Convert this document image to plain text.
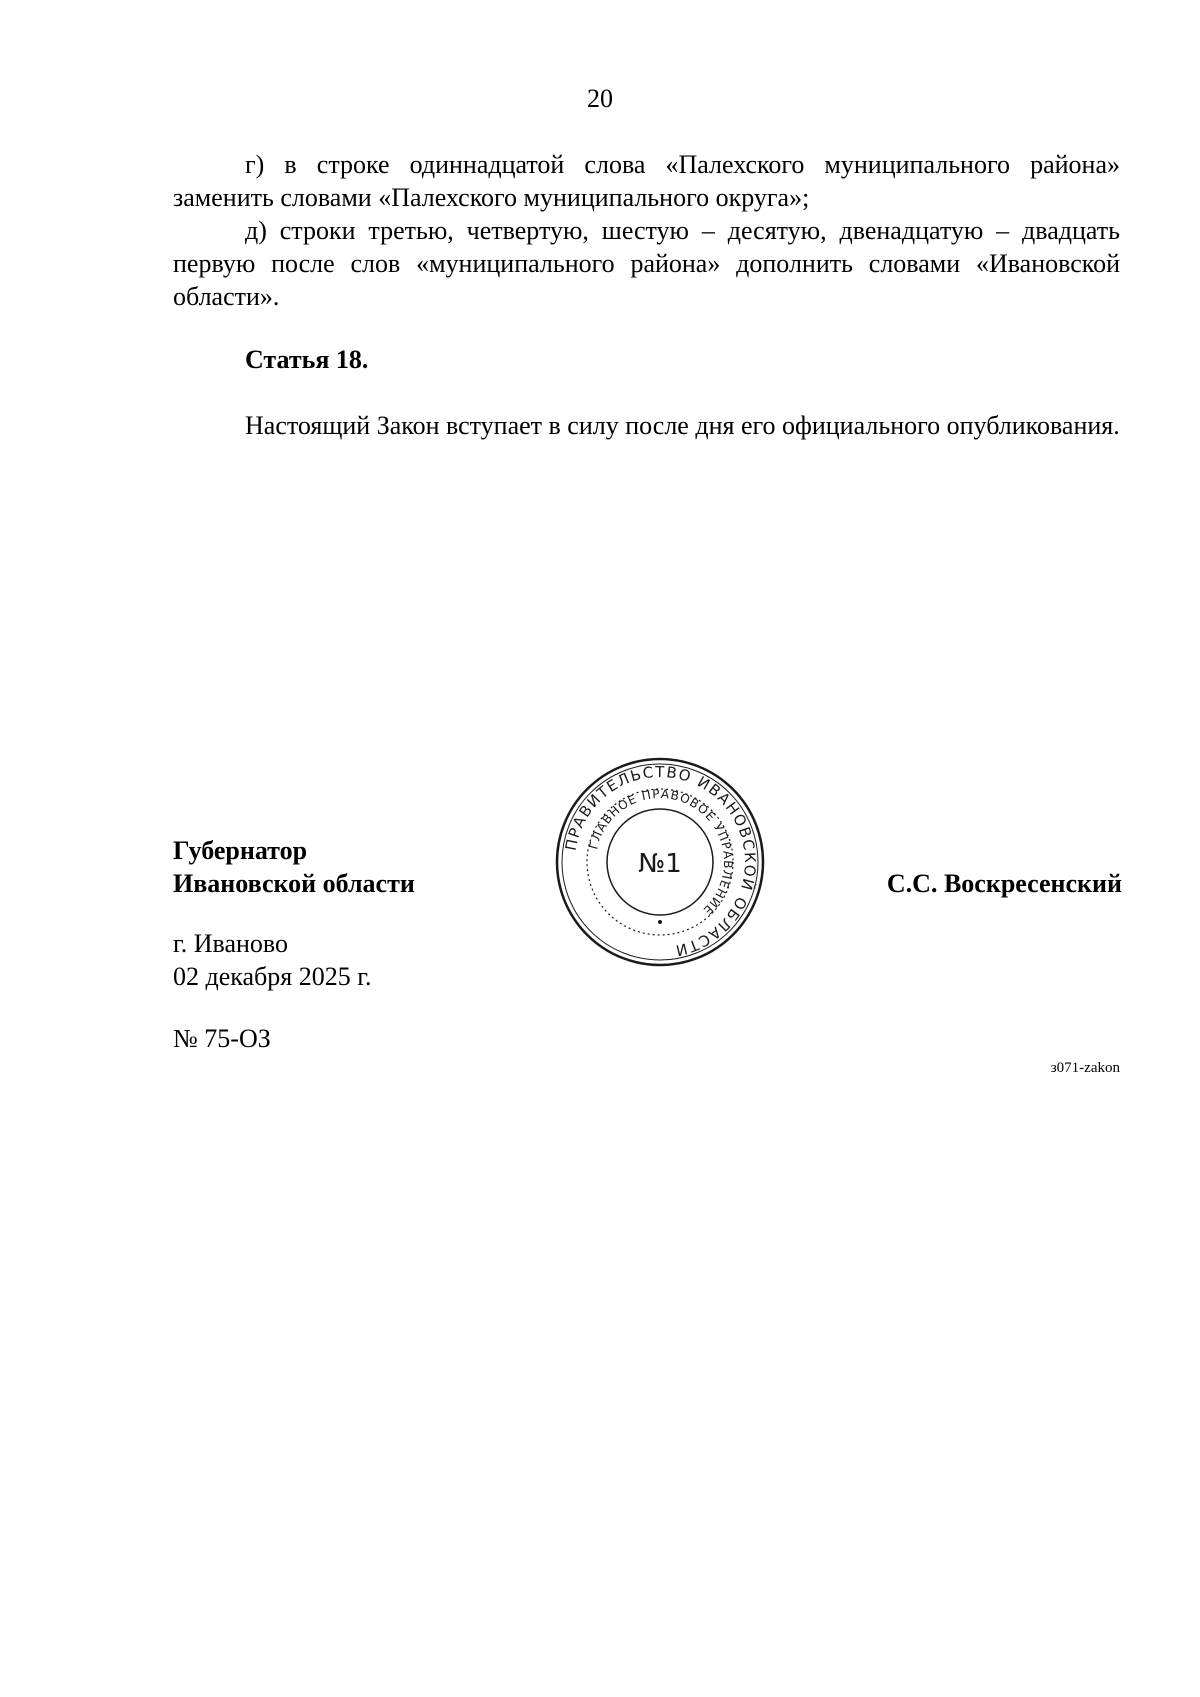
20

г) в строке одиннадцатой слова «Палехского муниципального района» заменить словами «Палехского муниципального округа»;

д) строки третью, четвертую, шестую – десятую, двенадцатую – двадцать первую после слов «муниципального района» дополнить словами «Ивановской области».

Статья 18.

Настоящий Закон вступает в силу после дня его официального опубликования.

Губернатор
Ивановской области	С.С. Воскресенский
г. Иваново
02 декабря 2025 г.
№ 75-ОЗ
з071-zakon
ПРАВИТЕЛЬСТВО ИВАНОВСКОЙ ОБЛАСТИ
ГЛАВНОЕ ПРАВОВОЕ УПРАВЛЕНИЕ
№1
